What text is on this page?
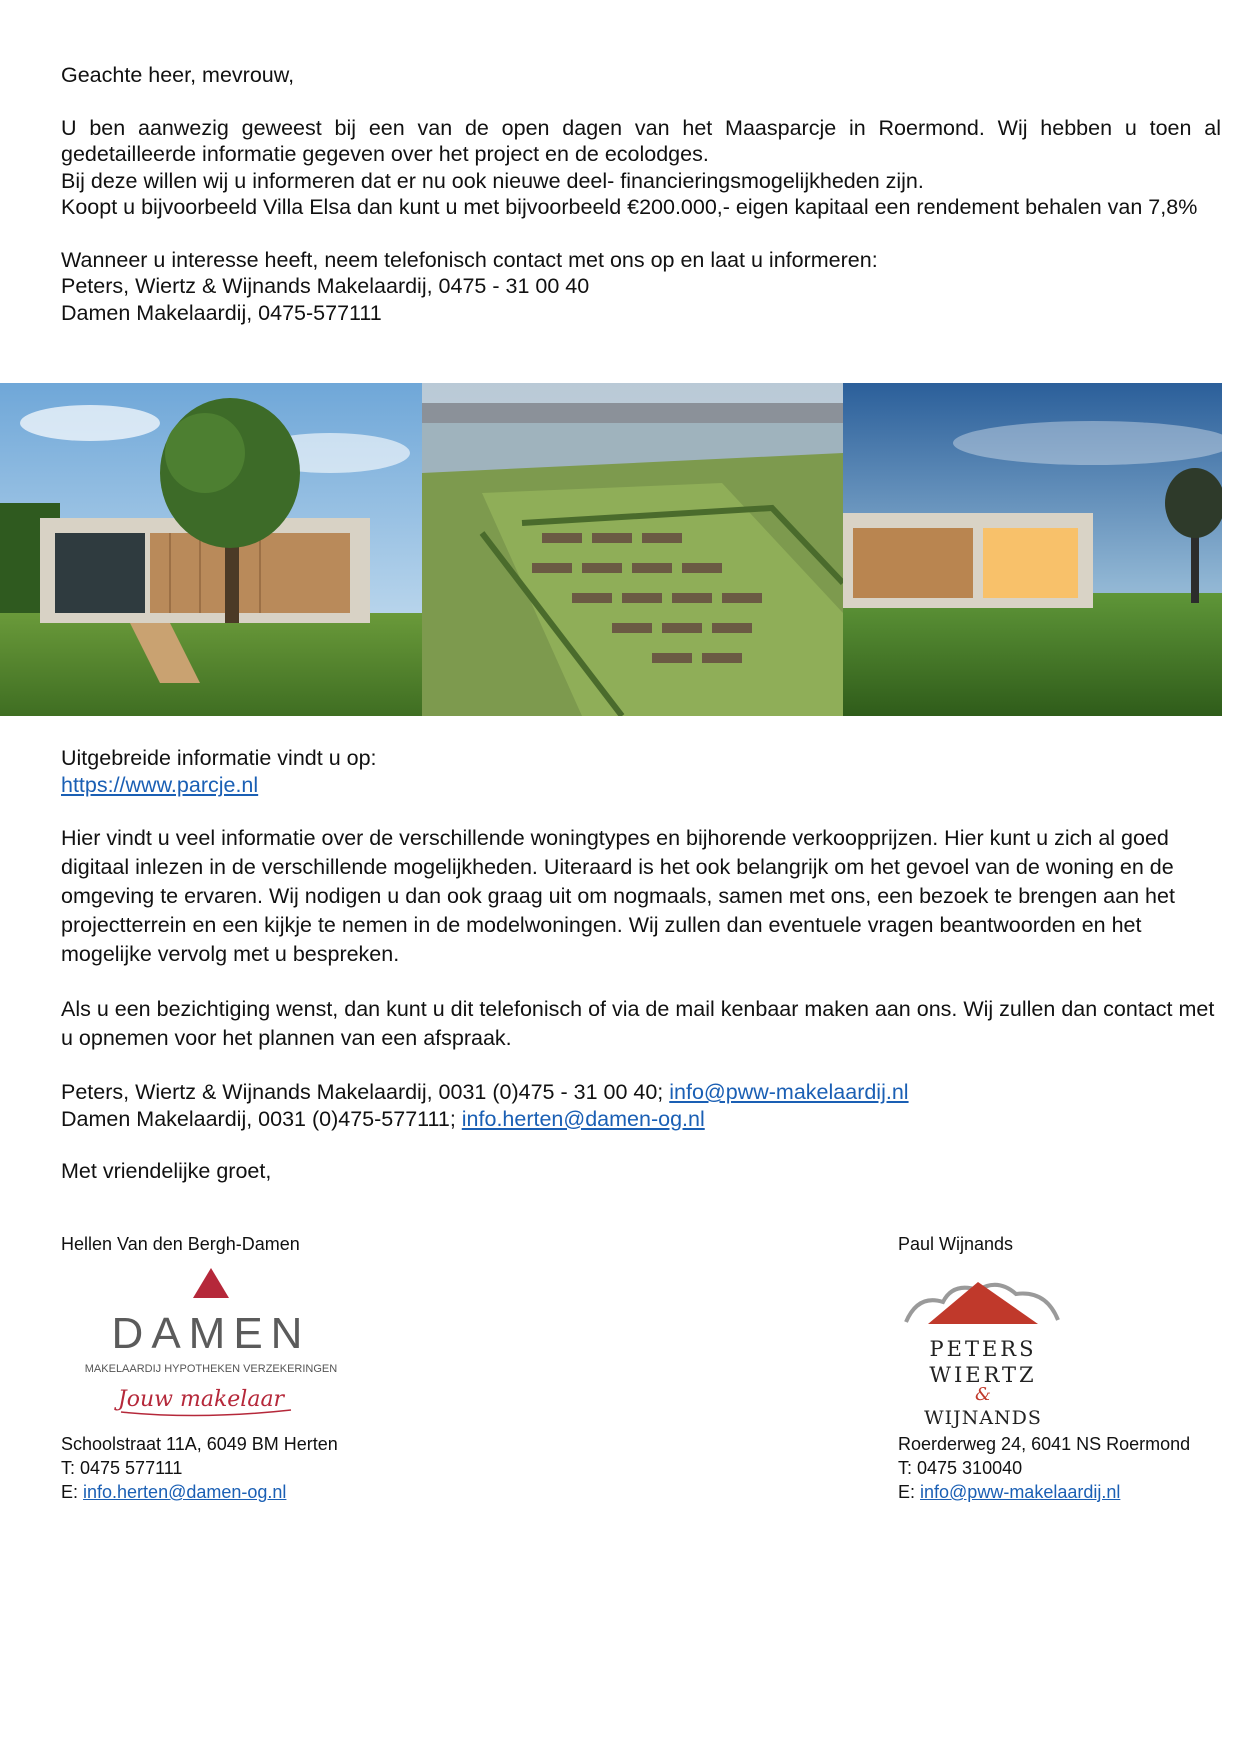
Geachte heer, mevrouw,

U ben aanwezig geweest bij een van de open dagen van het Maasparcje in Roermond. Wij hebben u toen al gedetailleerde informatie gegeven over het project en de ecolodges.

Bij deze willen wij u informeren dat er nu ook nieuwe deel- financieringsmogelijkheden zijn.

Koopt u bijvoorbeeld Villa Elsa dan kunt u met bijvoorbeeld €200.000,- eigen kapitaal een rendement behalen van 7,8%

Wanneer u interesse heeft, neem telefonisch contact met ons op en laat u informeren:

Peters, Wiertz & Wijnands Makelaardij, 0475 - 31 00 40

Damen Makelaardij, 0475-577111

Uitgebreide informatie vindt u op:

https://www.parcje.nl

Hier vindt u veel informatie over de verschillende woningtypes en bijhorende verkoopprijzen. Hier kunt u zich al goed digitaal inlezen in de verschillende mogelijkheden. Uiteraard is het ook belangrijk om het gevoel van de woning en de omgeving te ervaren. Wij nodigen u dan ook graag uit om nogmaals, samen met ons, een bezoek te brengen aan het projectterrein en een kijkje te nemen in de modelwoningen. Wij zullen dan eventuele vragen beantwoorden en het mogelijke vervolg met u bespreken.

Als u een bezichtiging wenst, dan kunt u dit telefonisch of via de mail kenbaar maken aan ons. Wij zullen dan contact met u opnemen voor het plannen van een afspraak.

Peters, Wiertz & Wijnands Makelaardij, 0031 (0)475 - 31 00 40; info@pww-makelaardij.nl

Damen Makelaardij, 0031 (0)475-577111; info.herten@damen-og.nl

Met vriendelijke groet,

Hellen Van den Bergh-Damen
DAMEN
MAKELAARDIJ HYPOTHEKEN VERZEKERINGEN
Jouw makelaar

Schoolstraat 11A, 6049 BM Herten

T: 0475 577111

E: info.herten@damen-og.nl

Paul Wijnands
PETERS
WIERTZ
&
WIJNANDS

Roerderweg 24, 6041 NS Roermond

T: 0475 310040

E: info@pww-makelaardij.nl
